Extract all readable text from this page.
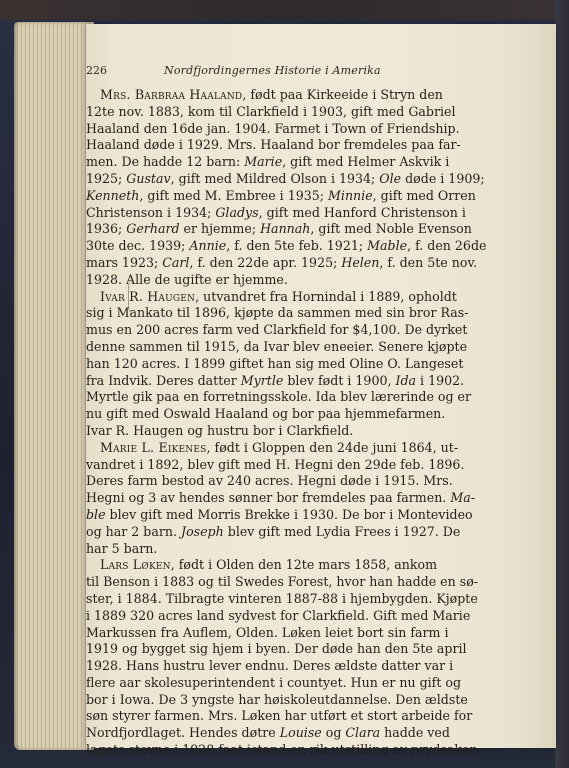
226	Nordfjordingernes Historie i Amerika
Mrs. Barbraa Haaland, født paa Kirkeeide i Stryn den
12te nov. 1883, kom til Clarkfield i 1903, gift med Gabriel
Haaland den 16de jan. 1904. Farmet i Town of Friendship.
Haaland døde i 1929. Mrs. Haaland bor fremdeles paa far-
men. De hadde 12 barn: Marie, gift med Helmer Askvik i
1925; Gustav, gift med Mildred Olson i 1934; Ole døde i 1909;
Kenneth, gift med M. Embree i 1935; Minnie, gift med Orren
Christenson i 1934; Gladys, gift med Hanford Christenson i
1936; Gerhard er hjemme; Hannah, gift med Noble Evenson
30te dec. 1939; Annie, f. den 5te feb. 1921; Mable, f. den 26de
mars 1923; Carl, f. den 22de apr. 1925; Helen, f. den 5te nov.
1928. Alle de ugifte er hjemme.
Ivar R. Haugen, utvandret fra Hornindal i 1889, opholdt
sig i Mankato til 1896, kjøpte da sammen med sin bror Ras-
mus en 200 acres farm ved Clarkfield for $4,100. De dyrket
denne sammen til 1915, da Ivar blev eneeier. Senere kjøpte
han 120 acres. I 1899 giftet han sig med Oline O. Langeset
fra Indvik. Deres datter Myrtle blev født i 1900, Ida i 1902.
Myrtle gik paa en forretningsskole. Ida blev lærerinde og er
nu gift med Oswald Haaland og bor paa hjemmefarmen.
Ivar R. Haugen og hustru bor i Clarkfield.
Marie L. Eikenes, født i Gloppen den 24de juni 1864, ut-
vandret i 1892, blev gift med H. Hegni den 29de feb. 1896.
Deres farm bestod av 240 acres. Hegni døde i 1915. Mrs.
Hegni og 3 av hendes sønner bor fremdeles paa farmen. Ma-
ble blev gift med Morris Brekke i 1930. De bor i Montevideo
og har 2 barn. Joseph blev gift med Lydia Frees i 1927. De
har 5 barn.
Lars Løken, født i Olden den 12te mars 1858, ankom
til Benson i 1883 og til Swedes Forest, hvor han hadde en sø-
ster, i 1884. Tilbragte vinteren 1887-88 i hjembygden. Kjøpte
i 1889 320 acres land sydvest for Clarkfield. Gift med Marie
Markussen fra Auflem, Olden. Løken leiet bort sin farm i
1919 og bygget sig hjem i byen. Der døde han den 5te april
1928. Hans hustru lever endnu. Deres ældste datter var i
flere aar skolesuperintendent i countyet. Hun er nu gift og
bor i Iowa. De 3 yngste har høiskoleutdannelse. Den ældste
søn styrer farmen. Mrs. Løken har utført et stort arbeide for
Nordfjordlaget. Hendes døtre Louise og Clara hadde ved
lagets stevne i 1928 faat istand en rik utstilling av prydsaker
